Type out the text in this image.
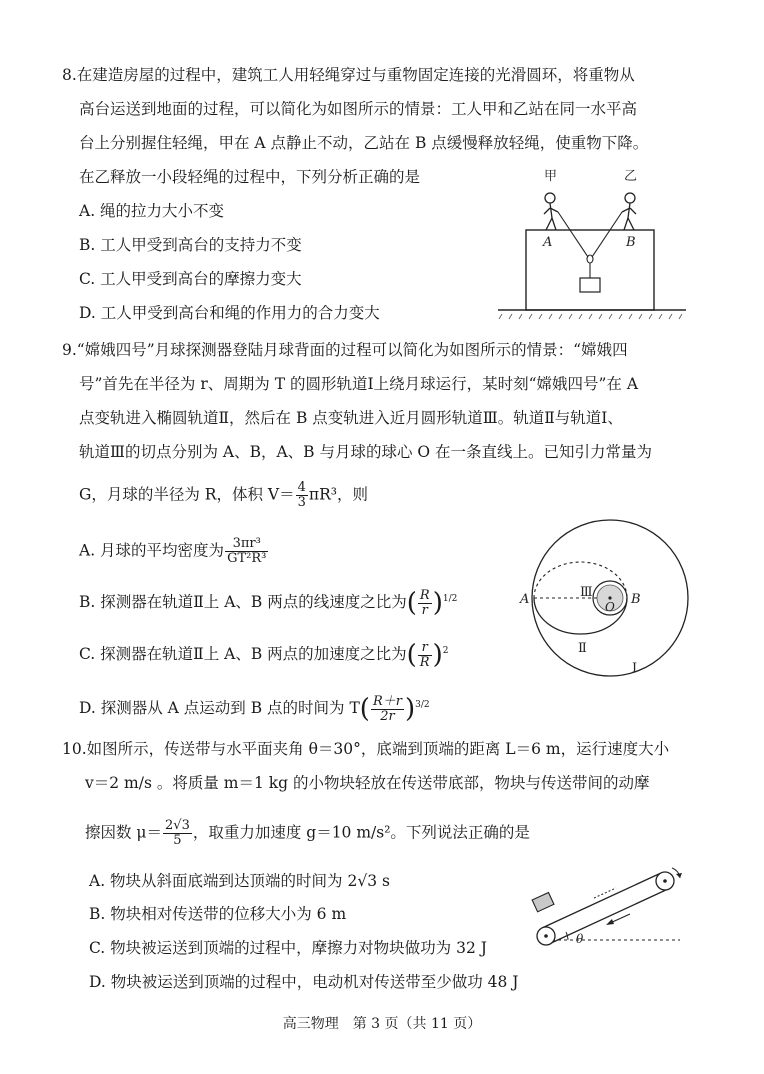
8.在建造房屋的过程中，建筑工人用轻绳穿过与重物固定连接的光滑圆环，将重物从
高台运送到地面的过程，可以简化为如图所示的情景：工人甲和乙站在同一水平高
台上分别握住轻绳，甲在 A 点静止不动，乙站在 B 点缓慢释放轻绳，使重物下降。
在乙释放一小段轻绳的过程中，下列分析正确的是
A. 绳的拉力大小不变
B. 工人甲受到高台的支持力不变
C. 工人甲受到高台的摩擦力变大
D. 工人甲受到高台和绳的作用力的合力变大
甲	乙
A	B
9.“嫦娥四号”月球探测器登陆月球背面的过程可以简化为如图所示的情景：“嫦娥四
号”首先在半径为 r、周期为 T 的圆形轨道Ⅰ上绕月球运行，某时刻“嫦娥四号”在 A
点变轨进入椭圆轨道Ⅱ，然后在 B 点变轨进入近月圆形轨道Ⅲ。轨道Ⅱ与轨道Ⅰ、
轨道Ⅲ的切点分别为 A、B，A、B 与月球的球心 O 在一条直线上。已知引力常量为
G，月球的半径为 R，体积 $V= \frac{4}{3} \pi R^3$，则
A. 月球的平均密度为 $\frac{\text{3πr³}}{\text{GT²R³}}$
B. 探测器在轨道Ⅱ上 A、B 两点的线速度之比为( $\frac{R}{r} )^{1/2}$
C. 探测器在轨道Ⅱ上 A、B 两点的加速度之比为( $\frac{r}{R} )^2$
D. 探测器从 A 点运动到 B 点的时间为 $T( \frac{R+r}{2r} )^{3/2}$
O
A	B
Ⅲ
Ⅱ
Ⅰ
10.如图所示，传送带与水平面夹角 θ＝30°，底端到顶端的距离 L＝6 m，运行速度大小
v＝2 m/s 。将质量 m＝1 kg 的小物块轻放在传送带底部，物块与传送带间的动摩
擦因数 $\mu= \frac{2√3}{5}$ ，取重力加速度 g＝10 m/s²。下列说法正确的是
A. 物块从斜面底端到达顶端的时间为 2√3 s
B. 物块相对传送带的位移大小为 6 m
C. 物块被运送到顶端的过程中，摩擦力对物块做功为 32 J
D. 物块被运送到顶端的过程中，电动机对传送带至少做功 48 J
θ
高三物理　第 3 页（共 11 页）
